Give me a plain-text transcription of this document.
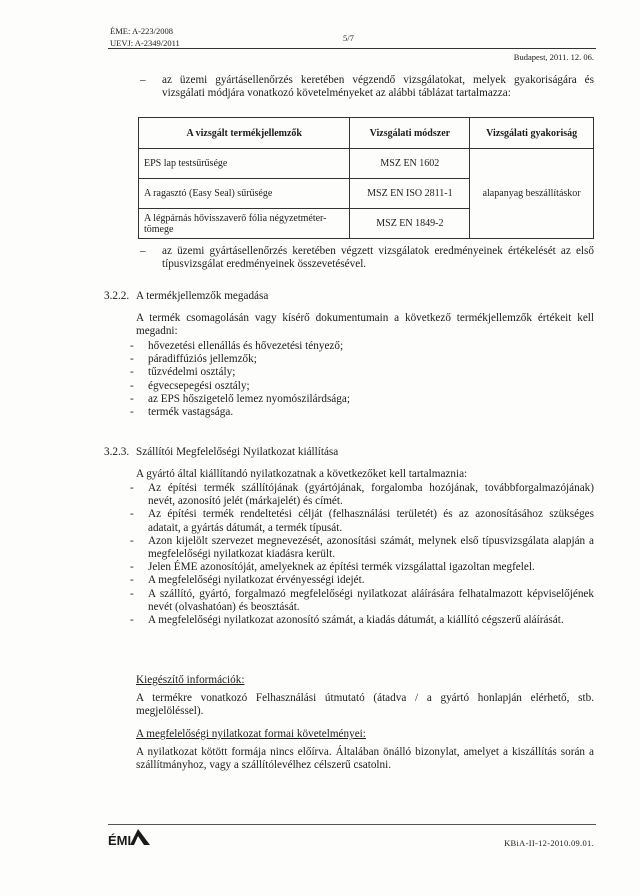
ÉME: A-223/2008
UEVJ: A-2349/2011	5/7
Budapest, 2011. 12. 06.
– az üzemi gyártásellenőrzés keretében végzendő vizsgálatokat, melyek gyakoriságára és vizsgálati módjára vonatkozó követelményeket az alábbi táblázat tartalmazza:

A vizsgált termékjellemzők	Vizsgálati módszer	Vizsgálati gyakoriság
EPS lap testsűrűsége	MSZ EN 1602	alapanyag beszállításkor
A ragasztó (Easy Seal) sűrűsége	MSZ EN ISO 2811-1	
A légpárnás hővisszaverő fólia négyzetméter-tömege	MSZ EN 1849-2	
– az üzemi gyártásellenőrzés keretében végzett vizsgálatok eredményeinek értékelését az első típusvizsgálat eredményeinek összevetésével.

3.2.2. A termékjellemzők megadása

A termék csomagolásán vagy kísérő dokumentumain a következő termékjellemzők értékeit kell megadni:

- hővezetési ellenállás és hővezetési tényező;
- páradiffúziós jellemzők;
- tűzvédelmi osztály;
- égvecsepegési osztály;
- az EPS hőszigetelő lemez nyomószilárdsága;
- termék vastagsága.
3.2.3. Szállítói Megfelelőségi Nyilatkozat kiállítása

A gyártó által kiállítandó nyilatkozatnak a következőket kell tartalmaznia:

- Az építési termék szállítójának (gyártójának, forgalomba hozójának, továbbforgalmazójának) nevét, azonosító jelét (márkajelét) és címét.
- Az építési termék rendeltetési célját (felhasználási területét) és az azonosításához szükséges adatait, a gyártás dátumát, a termék típusát.
- Azon kijelölt szervezet megnevezését, azonosítási számát, melynek első típusvizsgálata alapján a megfelelőségi nyilatkozat kiadásra került.
- Jelen ÉME azonosítóját, amelyeknek az építési termék vizsgálattal igazoltan megfelel.
- A megfelelőségi nyilatkozat érvényességi idejét.
- A szállító, gyártó, forgalmazó megfelelőségi nyilatkozat aláírására felhatalmazott képviselőjének nevét (olvashatóan) és beosztását.
- A megfelelőségi nyilatkozat azonosító számát, a kiadás dátumát, a kiállító cégszerű aláírását.

Kiegészítő információk:

A termékre vonatkozó Felhasználási útmutató (átadva / a gyártó honlapján elérhető, stb. megjelöléssel).

A megfelelőségi nyilatkozat formai követelményei:

A nyilatkozat kötött formája nincs előírva. Általában önálló bizonylat, amelyet a kiszállítás során a szállítmányhoz, vagy a szállítólevélhez célszerű csatolni.

ÉMI	KBiA-II-12-2010.09.01.
